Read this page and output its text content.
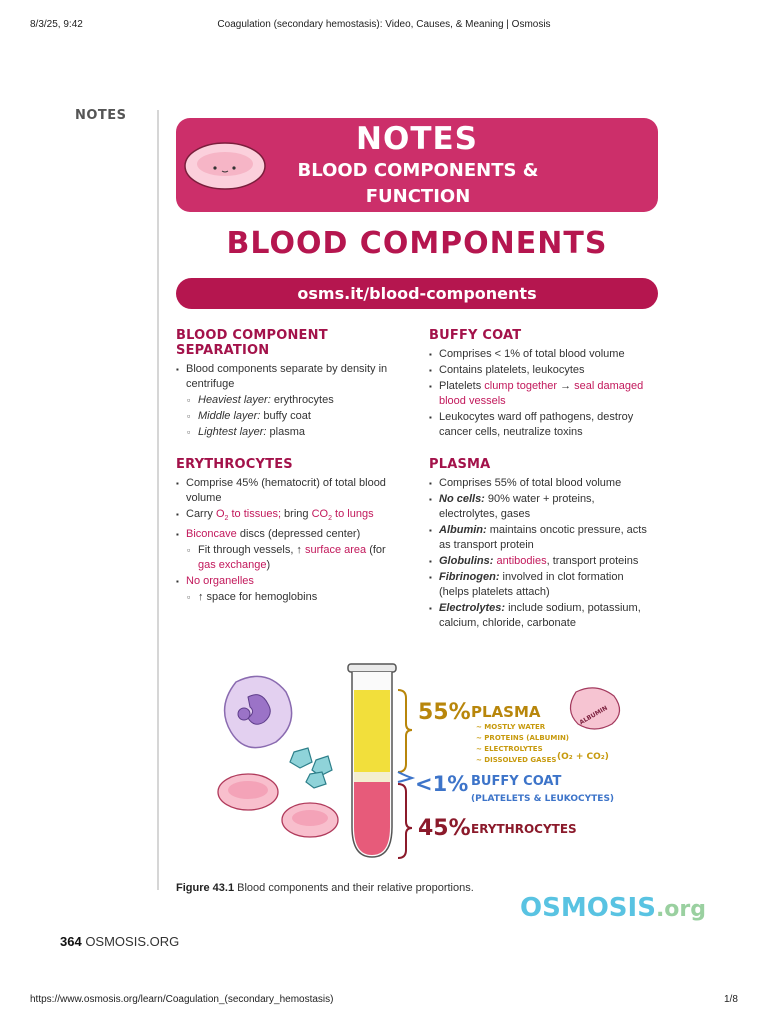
8/3/25, 9:42	Coagulation (secondary hemostasis): Video, Causes, & Meaning | Osmosis
NOTES
NOTES
BLOOD COMPONENTS & FUNCTION
BLOOD COMPONENTS
osms.it/blood-components
BLOOD COMPONENT SEPARATION
▪ Blood components separate by density in centrifuge
▫ Heaviest layer: erythrocytes
▫ Middle layer: buffy coat
▫ Lightest layer: plasma
ERYTHROCYTES
▪ Comprise 45% (hematocrit) of total blood volume
▪ Carry $O_2$ to tissues; bring $CO_2$ to lungs
▪ Biconcave discs (depressed center)
▫ Fit through vessels, ↑ surface area (for gas exchange)
▪ No organelles
▫ ↑ space for hemoglobins
BUFFY COAT
▪ Comprises < 1% of total blood volume
▪ Contains platelets, leukocytes
▪ Platelets clump together → seal damaged blood vessels
▪ Leukocytes ward off pathogens, destroy cancer cells, neutralize toxins
PLASMA
▪ Comprises 55% of total blood volume
▪ No cells: 90% water + proteins, electrolytes, gases
▪ Albumin: maintains oncotic pressure, acts as transport protein
▪ Globulins: antibodies, transport proteins
▪ Fibrinogen: involved in clot formation (helps platelets attach)
▪ Electrolytes: include sodium, potassium, calcium, chloride, carbonate
55% PLASMA	ALBUMIN
~ MOSTLY WATER
~ PROTEINS (ALBUMIN)
~ ELECTROLYTES
~ DISSOLVED GASES (O₂ + CO₂)
<1% BUFFY COAT
(PLATELETS & LEUKOCYTES)
45% ERYTHROCYTES
Figure 43.1 Blood components and their relative proportions.
OSMOSIS.org
364 OSMOSIS.ORG
https://www.osmosis.org/learn/Coagulation_(secondary_hemostasis)	1/8
